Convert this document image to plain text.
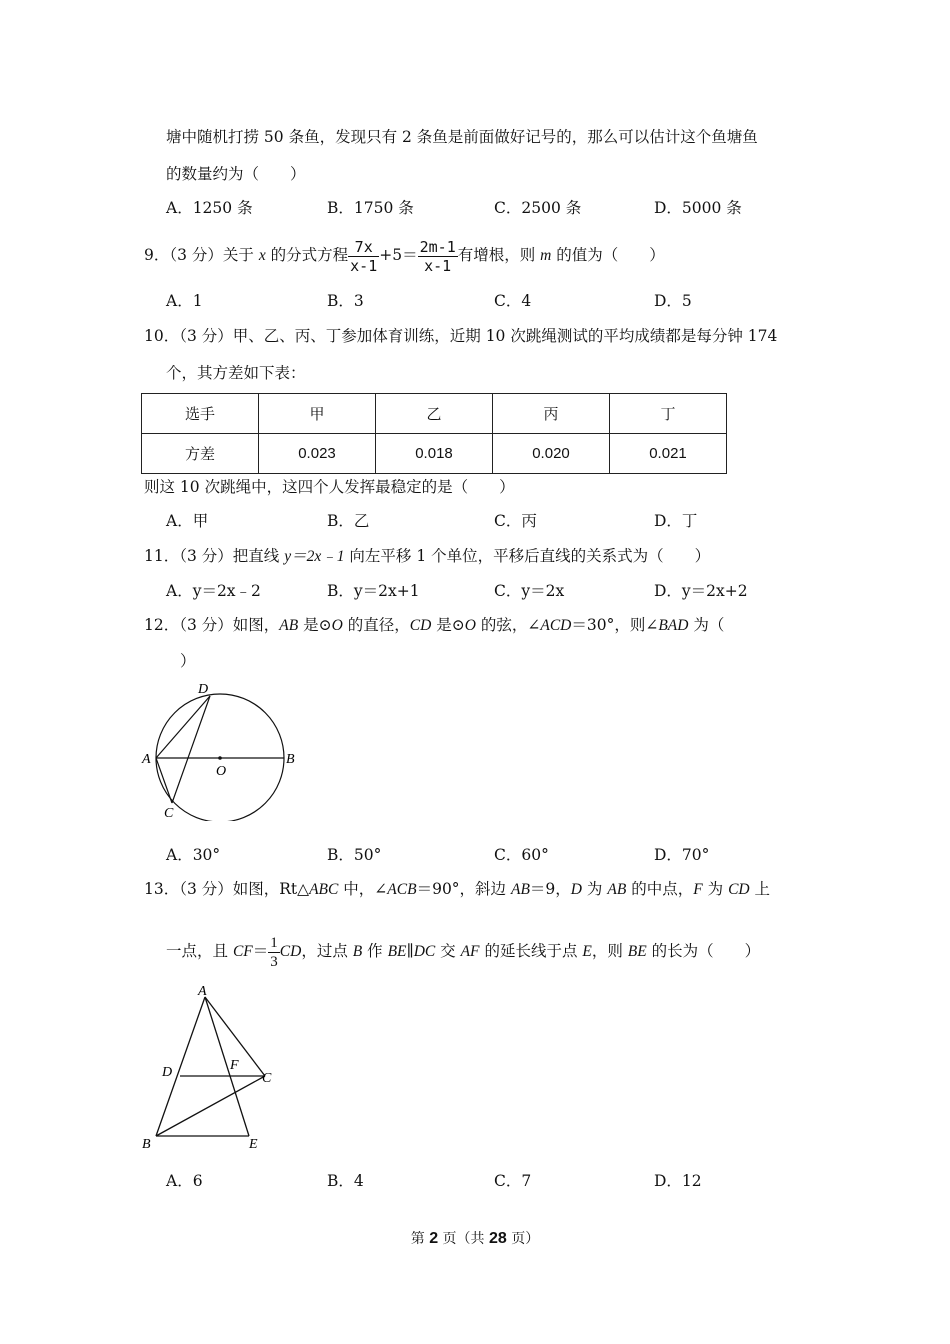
塘中随机打捞 50 条鱼，发现只有 2 条鱼是前面做好记号的，那么可以估计这个鱼塘鱼
的数量约为（　　）
A．1250 条	B．1750 条	C．2500 条	D．5000 条
9．（3 分）关于 x 的分式方程 $\frac{7x}{x-1} +5= \frac{2m-1}{x-1}$ 有增根，则 m 的值为（　　）
A．1	B．3	C．4	D．5
10．（3 分）甲、乙、丙、丁参加体育训练，近期 10 次跳绳测试的平均成绩都是每分钟 174
个，其方差如下表：
选手	甲	乙	丙	丁
方差	0.023	0.018	0.020	0.021
则这 10 次跳绳中，这四个人发挥最稳定的是（　　）
A．甲	B．乙	C．丙	D．丁
11．（3 分）把直线 y＝2x﹣1 向左平移 1 个单位，平移后直线的关系式为（　　）
A．y＝2x﹣2	B．y＝2x+1	C．y＝2x	D．y＝2x+2
12．（3 分）如图，AB 是⊙O 的直径，CD 是⊙O 的弦，∠ACD＝30°，则∠BAD 为（
）
D
A	B
O
C
A．30°	B．50°	C．60°	D．70°
13．（3 分）如图，Rt△ABC 中，∠ACB＝90°，斜边 AB＝9，D 为 AB 的中点，F 为 CD 上
一点，且 $CF= \frac{1}{3}$ CD，过点 B 作 BE∥DC 交 AF 的延长线于点 E，则 BE 的长为（　　）
A
D	F
C
B	E
A．6	B．4	C．7	D．12
第 2 页（共 28 页）
